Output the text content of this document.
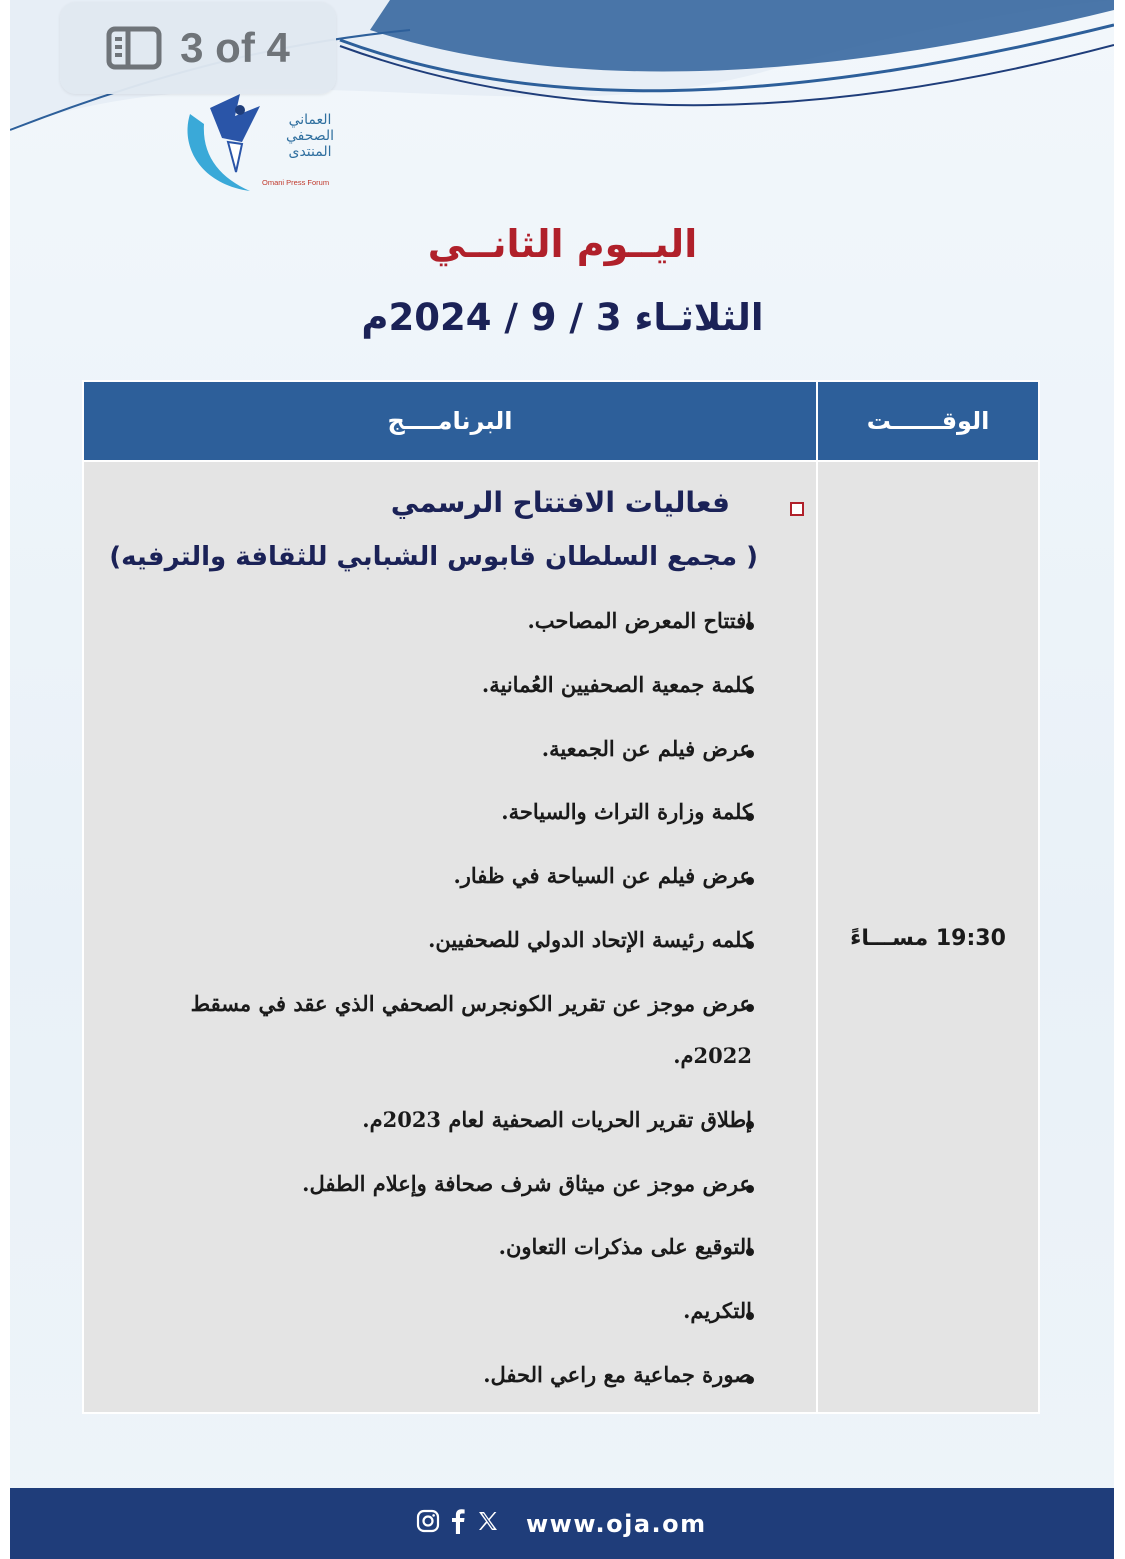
العماني
الصحفي
المنتدى
Omani Press Forum
www.oja.om
3 of 4
اليــوم الثانــي
الثلاثـاء 3 / 9 / 2024م
البرنامــــج	الوقــــــت
19:30 مســـاءً
فعاليات الافتتاح الرسمي
( مجمع السلطان قابوس الشبابي للثقافة والترفيه)
افتتاح المعرض المصاحب.
كلمة جمعية الصحفيين العُمانية.
عرض فيلم عن الجمعية.
كلمة وزارة التراث والسياحة.
عرض فيلم عن السياحة في ظفار.
كلمه رئيسة الإتحاد الدولي للصحفيين.
عرض موجز عن تقرير الكونجرس الصحفي الذي عقد في مسقط 2022م.
إطلاق تقرير الحريات الصحفية لعام 2023م.
عرض موجز عن ميثاق شرف صحافة وإعلام الطفل.
التوقيع على مذكرات التعاون.
التكريم.
صورة جماعية مع راعي الحفل.
